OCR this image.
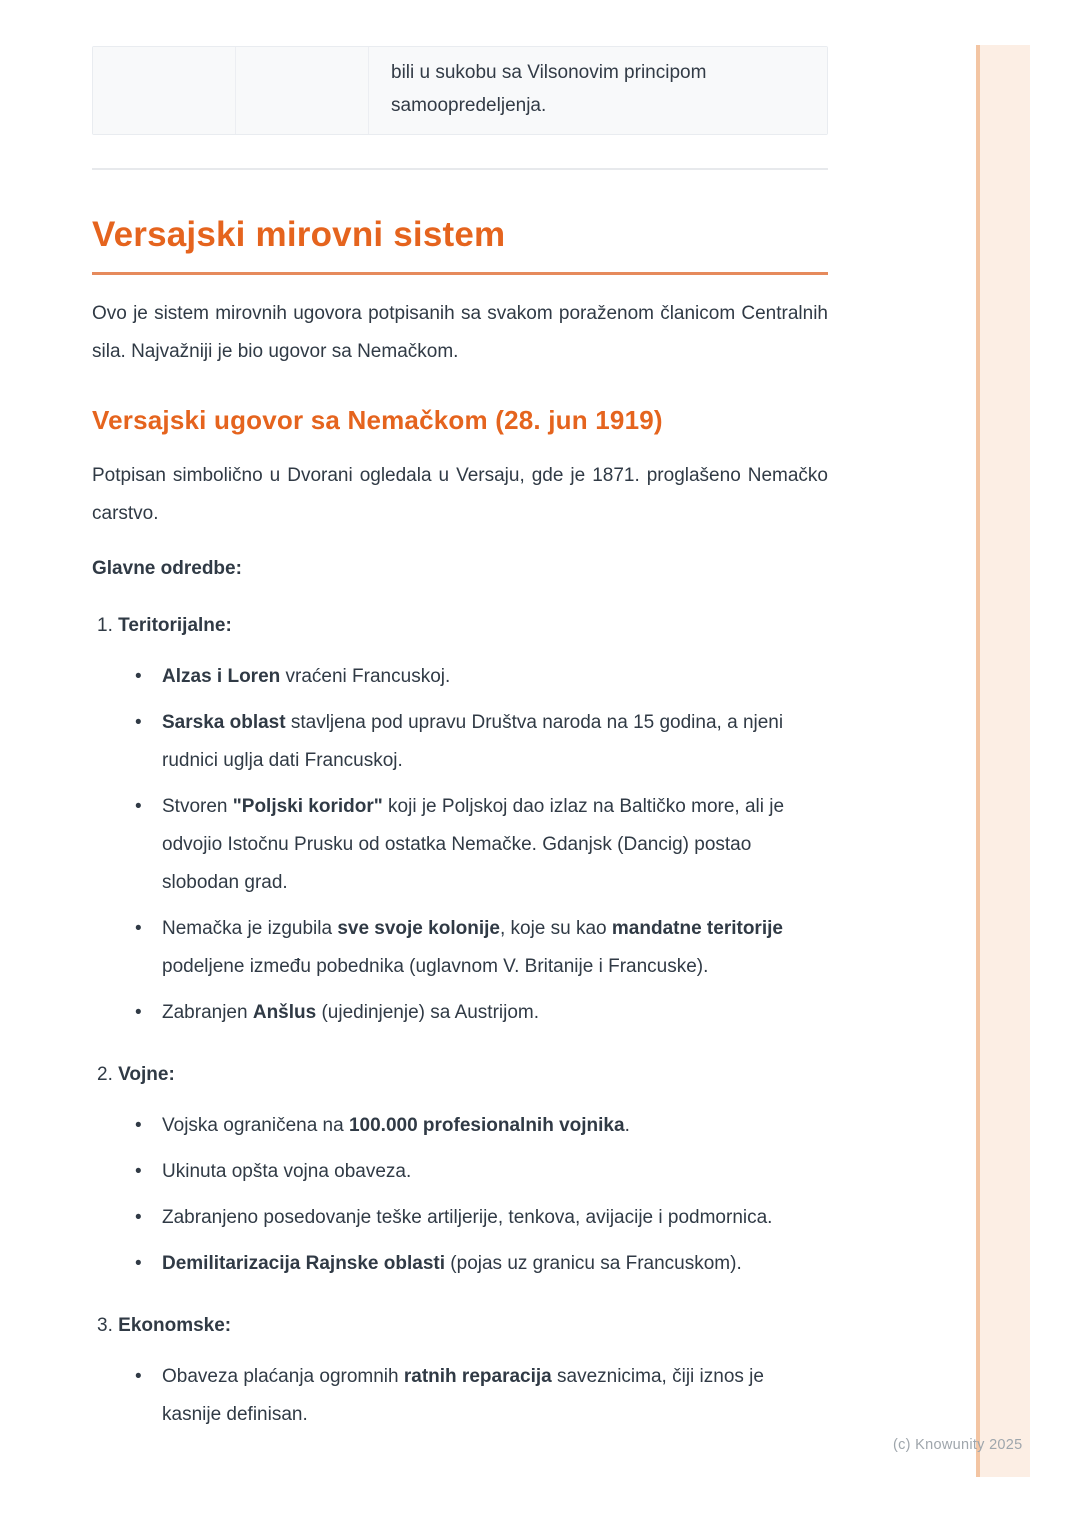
bili u sukobu sa Vilsonovim principom samoopredeljenja.
Versajski mirovni sistem

Ovo je sistem mirovnih ugovora potpisanih sa svakom poraženom članicom Centralnih sila. Najvažniji je bio ugovor sa Nemačkom.

Versajski ugovor sa Nemačkom (28. jun 1919)

Potpisan simbolično u Dvorani ogledala u Versaju, gde je 1871. proglašeno Nemačko carstvo.

Glavne odredbe:

1. Teritorijalne:
• Alzas i Loren vraćeni Francuskoj.
• Sarska oblast stavljena pod upravu Društva naroda na 15 godina, a njeni rudnici uglja dati Francuskoj.
• Stvoren "Poljski koridor" koji je Poljskoj dao izlaz na Baltičko more, ali je odvojio Istočnu Prusku od ostatka Nemačke. Gdanjsk (Dancig) postao slobodan grad.
• Nemačka je izgubila sve svoje kolonije, koje su kao mandatne teritorije podeljene između pobednika (uglavnom V. Britanije i Francuske).
• Zabranjen Anšlus (ujedinjenje) sa Austrijom.
2. Vojne:
• Vojska ograničena na 100.000 profesionalnih vojnika.
• Ukinuta opšta vojna obaveza.
• Zabranjeno posedovanje teške artiljerije, tenkova, avijacije i podmornica.
• Demilitarizacija Rajnske oblasti (pojas uz granicu sa Francuskom).
3. Ekonomske:
• Obaveza plaćanja ogromnih ratnih reparacija saveznicima, čiji iznos je kasnije definisan.
(c) Knowunity 2025
